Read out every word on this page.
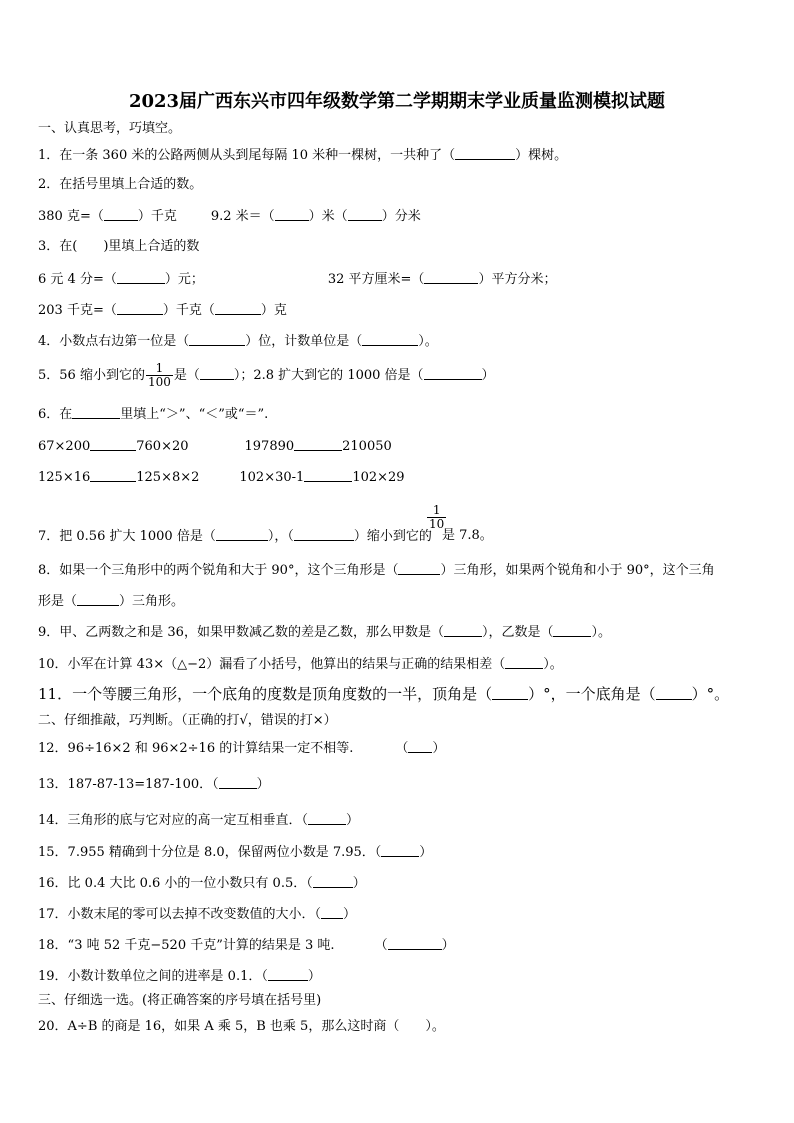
2023届广西东兴市四年级数学第二学期期末学业质量监测模拟试题
一、认真思考，巧填空。
1．在一条 360 米的公路两侧从头到尾每隔 10 米种一棵树，一共种了（	）棵树。
2．在括号里填上合适的数。
380 克=（	）千克	9.2 米＝（	）米（	）分米
3．在(　　)里填上合适的数
6 元 4 分=（	）元；	32 平方厘米=（	）平方分米；
203 千克=（	）千克（	）克
4．小数点右边第一位是（	）位，计数单位是（	）。
5．56 缩小到它的 $\frac{1}{100}$ 是（	）；2.8 扩大到它的 1000 倍是（	）
6．在	里填上“＞”、“＜”或“＝”.
67×200	760×20	197890	210050
125×16	125×8×2	102×30-1	102×29
7．把 0.56 扩大 1000 倍是（	），（	）缩小到它的
$\frac{1}{10}$
是 7.8。
8．如果一个三角形中的两个锐角和大于 90°，这个三角形是（	）三角形，如果两个锐角和小于 90°，这个三角
形是（	）三角形。
9．甲、乙两数之和是 36，如果甲数减乙数的差是乙数，那么甲数是（	），乙数是（	）。
10．小军在计算 43×（△−2）漏看了小括号，他算出的结果与正确的结果相差（	）。
11．一个等腰三角形，一个底角的度数是顶角度数的一半，顶角是（ ）°，一个底角是（ ）°。
二、仔细推敲，巧判断。（正确的打√，错误的打×）
12．96÷16×2 和 96×2÷16 的计算结果一定不相等.	（ ）
13．187-87-13=187-100．（	）
14．三角形的底与它对应的高一定互相垂直．（	）
15．7.955 精确到十分位是 8.0，保留两位小数是 7.95．（	）
16．比 0.4 大比 0.6 小的一位小数只有 0.5．（	）
17．小数末尾的零可以去掉不改变数值的大小．（ ）
18．“3 吨 52 千克−520 千克”计算的结果是 3 吨.	（	）
19．小数计数单位之间的进率是 0.1．（	）
三、仔细选一选。(将正确答案的序号填在括号里)
20．A÷B 的商是 16，如果 A 乘 5，B 也乘 5，那么这时商（　　）。
